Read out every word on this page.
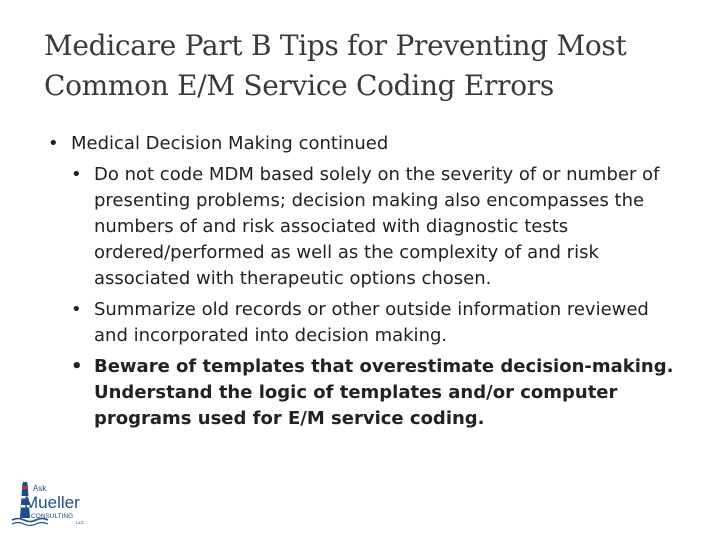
Medicare Part B Tips for Preventing Most
Common E/M Service Coding Errors
• Medical Decision Making continued
• Do not code MDM based solely on the severity of or number of presenting problems; decision making also encompasses the numbers of and risk associated with diagnostic tests ordered/performed as well as the complexity of and risk associated with therapeutic options chosen.
• Summarize old records or other outside information reviewed and incorporated into decision making.
• Beware of templates that overestimate decision-making. Understand the logic of templates and/or computer programs used for E/M service coding.
Ask
Mueller
CONSULTING
LLC
